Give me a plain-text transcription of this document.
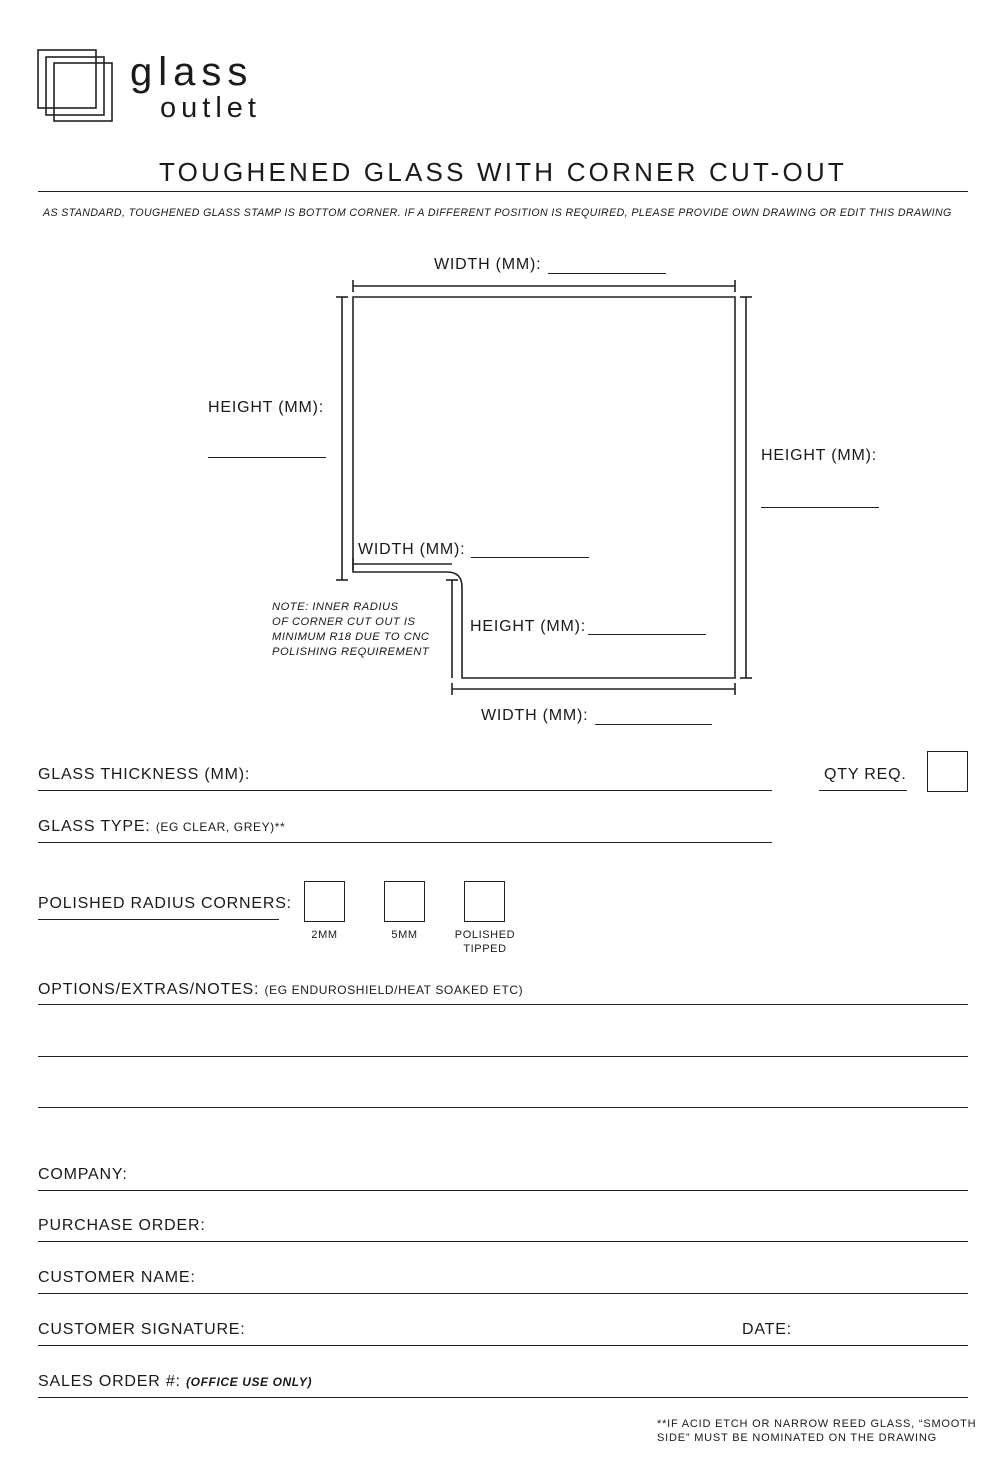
glass
outlet
TOUGHENED GLASS WITH CORNER CUT-OUT
AS STANDARD, TOUGHENED GLASS STAMP IS BOTTOM CORNER. IF A DIFFERENT POSITION IS REQUIRED, PLEASE PROVIDE OWN DRAWING OR EDIT THIS DRAWING
WIDTH (MM):
HEIGHT (MM):
HEIGHT (MM):
WIDTH (MM):
HEIGHT (MM):
WIDTH (MM):
NOTE: INNER RADIUS
OF CORNER CUT OUT IS
MINIMUM R18 DUE TO CNC
POLISHING REQUIREMENT
GLASS THICKNESS (MM):	QTY REQ.
GLASS TYPE: (EG CLEAR, GREY)**
POLISHED RADIUS CORNERS:
2MM	5MM	POLISHED
TIPPED
OPTIONS/EXTRAS/NOTES: (EG ENDUROSHIELD/HEAT SOAKED ETC)
COMPANY:
PURCHASE ORDER:
CUSTOMER NAME:
CUSTOMER SIGNATURE:	DATE:
SALES ORDER #: (OFFICE USE ONLY)
**IF ACID ETCH OR NARROW REED GLASS, “SMOOTH
SIDE” MUST BE NOMINATED ON THE DRAWING
